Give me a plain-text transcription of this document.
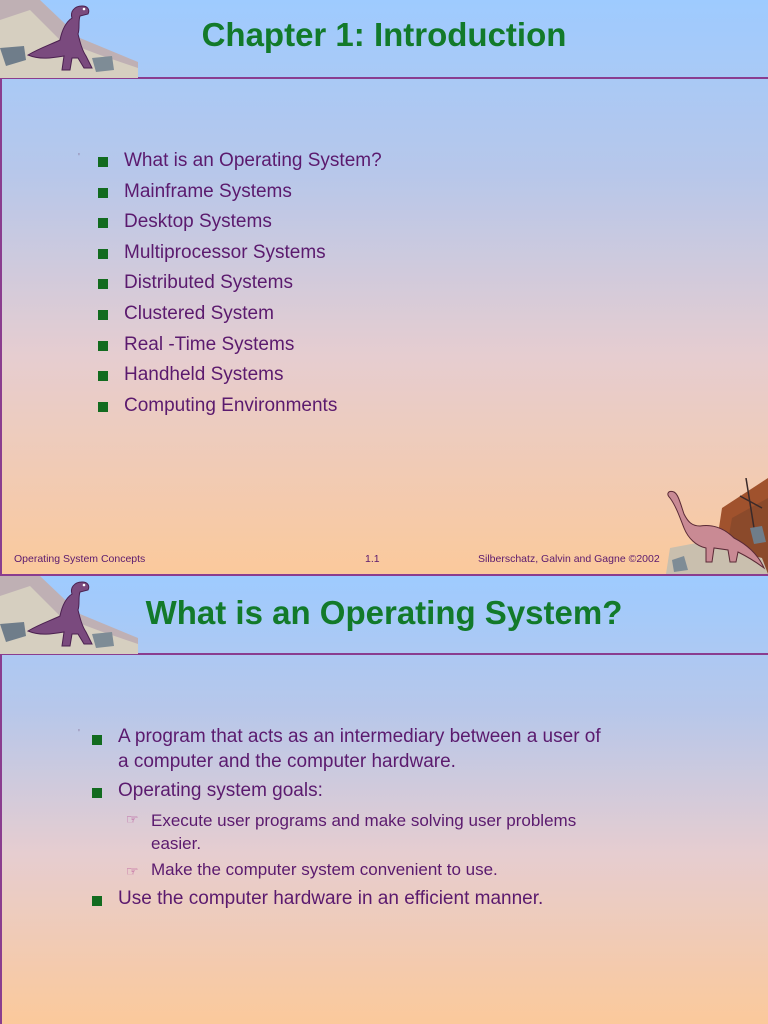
Chapter 1: Introduction
'	What is an Operating System?
Mainframe Systems
Desktop Systems
Multiprocessor Systems
Distributed Systems
Clustered System
Real -Time Systems
Handheld Systems
Computing Environments
Operating System Concepts	1.1	Silberschatz, Galvin and Gagne ©2002
What is an Operating System?
' A program that acts as an intermediary between a user of
a computer and the computer hardware.
Operating system goals:
☞ Execute user programs and make solving user problems
easier.
☞ Make the computer system convenient to use.
Use the computer hardware in an efficient manner.
